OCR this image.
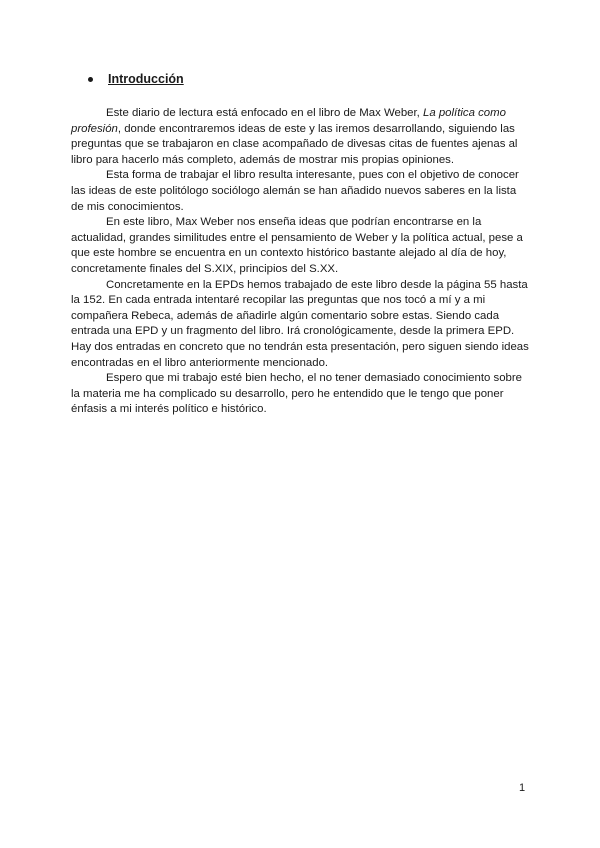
Introducción

Este diario de lectura está enfocado en el libro de Max Weber, La política como profesión, donde encontraremos ideas de este y las iremos desarrollando, siguiendo las preguntas que se trabajaron en clase acompañado de divesas citas de fuentes ajenas al libro para hacerlo más completo, además de mostrar mis propias opiniones.

Esta forma de trabajar el libro resulta interesante, pues con el objetivo de conocer las ideas de este politólogo sociólogo alemán se han añadido nuevos saberes en la lista de mis conocimientos.

En este libro, Max Weber nos enseña ideas que podrían encontrarse en la actualidad, grandes similitudes entre el pensamiento de Weber y la política actual, pese a que este hombre se encuentra en un contexto histórico bastante alejado al día de hoy, concretamente finales del S.XIX, principios del S.XX.

Concretamente en la EPDs hemos trabajado de este libro desde la página 55 hasta la 152. En cada entrada intentaré recopilar las preguntas que nos tocó a mí y a mi compañera Rebeca, además de añadirle algún comentario sobre estas. Siendo cada entrada una EPD y un fragmento del libro. Irá cronológicamente, desde la primera EPD. Hay dos entradas en concreto que no tendrán esta presentación, pero siguen siendo ideas encontradas en el libro anteriormente mencionado.

Espero que mi trabajo esté bien hecho, el no tener demasiado conocimiento sobre la materia me ha complicado su desarrollo, pero he entendido que le tengo que poner énfasis a mi interés político e histórico.

1
